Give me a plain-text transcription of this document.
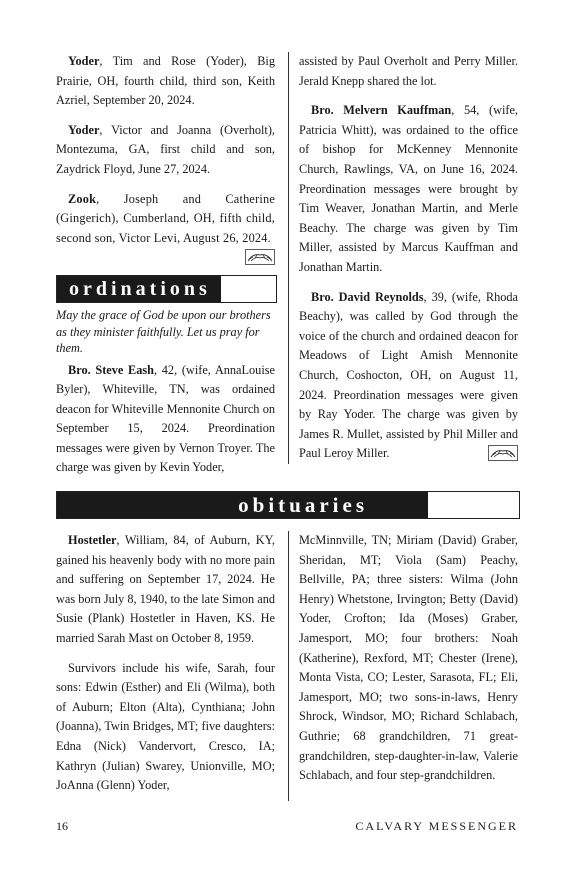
Yoder, Tim and Rose (Yoder), Big Prairie, OH, fourth child, third son, Keith Azriel, September 20, 2024.

Yoder, Victor and Joanna (Overholt), Montezuma, GA, first child and son, Zaydrick Floyd, June 27, 2024.

Zook, Joseph and Catherine (Gingerich), Cumberland, OH, fifth child, second son, Victor Levi, August 26, 2024.

ordinations

May the grace of God be upon our brothers as they minister faithfully. Let us pray for them.

Bro. Steve Eash, 42, (wife, AnnaLouise Byler), Whiteville, TN, was ordained deacon for Whiteville Mennonite Church on September 15, 2024. Preordination messages were given by Vernon Troyer. The charge was given by Kevin Yoder,

assisted by Paul Overholt and Perry Miller. Jerald Knepp shared the lot.

Bro. Melvern Kauffman, 54, (wife, Patricia Whitt), was ordained to the office of bishop for McKenney Mennonite Church, Rawlings, VA, on June 16, 2024. Preordination messages were brought by Tim Weaver, Jonathan Martin, and Merle Beachy. The charge was given by Tim Miller, assisted by Marcus Kauffman and Jonathan Martin.

Bro. David Reynolds, 39, (wife, Rhoda Beachy), was called by God through the voice of the church and ordained deacon for Meadows of Light Amish Mennonite Church, Coshocton, OH, on August 11, 2024. Preordination messages were given by Ray Yoder. The charge was given by James R. Mullet, assisted by Phil Miller and Paul Leroy Miller.

obituaries

Hostetler, William, 84, of Auburn, KY, gained his heavenly body with no more pain and suffering on September 17, 2024. He was born July 8, 1940, to the late Simon and Susie (Plank) Hostetler in Haven, KS. He married Sarah Mast on October 8, 1959.

Survivors include his wife, Sarah, four sons: Edwin (Esther) and Eli (Wilma), both of Auburn; Elton (Alta), Cynthiana; John (Joanna), Twin Bridges, MT; five daughters: Edna (Nick) Vandervort, Cresco, IA; Kathryn (Julian) Swarey, Unionville, MO; JoAnna (Glenn) Yoder,

McMinnville, TN; Miriam (David) Graber, Sheridan, MT; Viola (Sam) Peachy, Bellville, PA; three sisters: Wilma (John Henry) Whetstone, Irvington; Betty (David) Yoder, Crofton; Ida (Moses) Graber, Jamesport, MO; four brothers: Noah (Katherine), Rexford, MT; Chester (Irene), Monta Vista, CO; Lester, Sarasota, FL; Eli, Jamesport, MO; two sons-in-laws, Henry Shrock, Windsor, MO; Richard Schlabach, Guthrie; 68 grandchildren, 71 great-grandchildren, step-daughter-in-law, Valerie Schlabach, and four step-grandchildren.

16	CALVARY MESSENGER
